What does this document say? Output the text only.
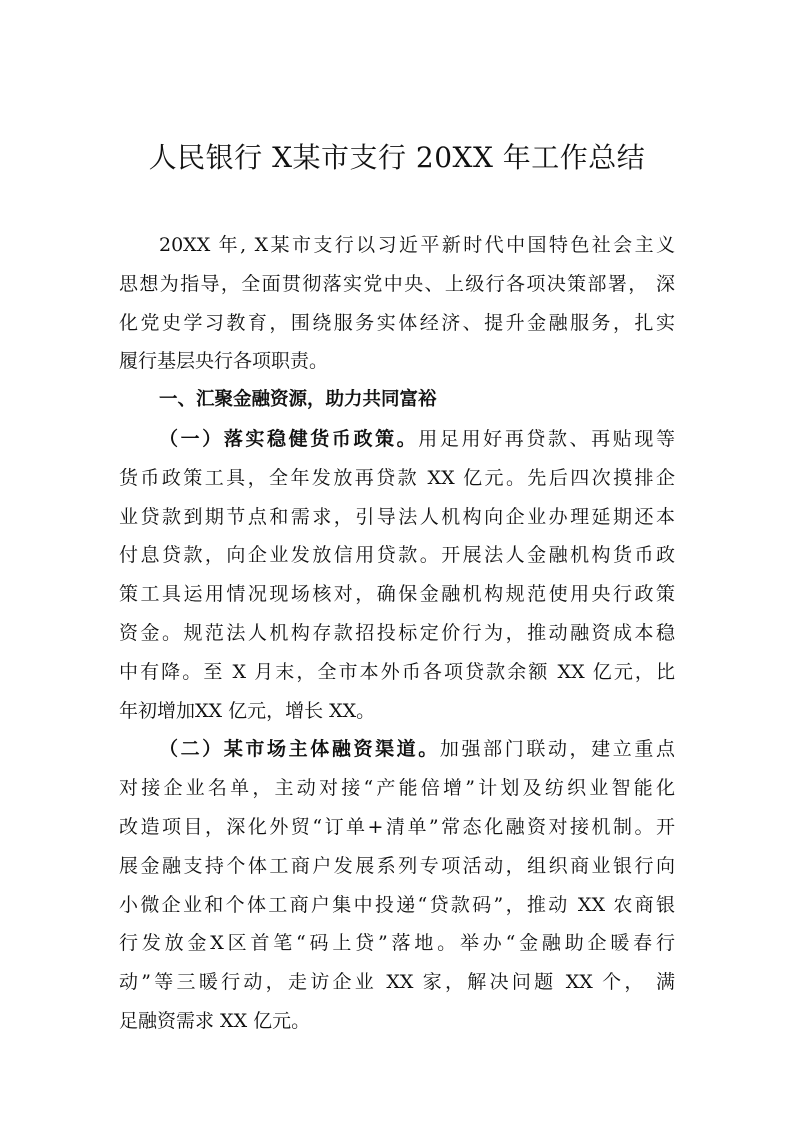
人民银行 X某市支行 20XX 年工作总结
20XX 年, X某市支行以习近平新时代中国特色社会主义
思想为指导，全面贯彻落实党中央、上级行各项决策部署， 深
化党史学习教育，围绕服务实体经济、提升金融服务，扎实
履行基层央行各项职责。
一、汇聚金融资源，助力共同富裕
（一）落实稳健货币政策。用足用好再贷款、再贴现等
货币政策工具，全年发放再贷款 XX 亿元。先后四次摸排企
业贷款到期节点和需求，引导法人机构向企业办理延期还本
付息贷款，向企业发放信用贷款。开展法人金融机构货币政
策工具运用情况现场核对，确保金融机构规范使用央行政策
资金。规范法人机构存款招投标定价行为，推动融资成本稳
中有降。至 X 月末，全市本外币各项贷款余额 XX 亿元，比
年初增加XX 亿元，增长 XX。
（二）某市场主体融资渠道。加强部门联动，建立重点
对接企业名单，主动对接“产能倍增”计划及纺织业智能化
改造项目，深化外贸“订单+清单”常态化融资对接机制。开
展金融支持个体工商户发展系列专项活动，组织商业银行向
小微企业和个体工商户集中投递“贷款码”，推动 XX 农商银
行发放金X区首笔“码上贷”落地。举办“金融助企暖春行
动”等三暖行动，走访企业 XX 家，解决问题 XX 个， 满
足融资需求 XX 亿元。
